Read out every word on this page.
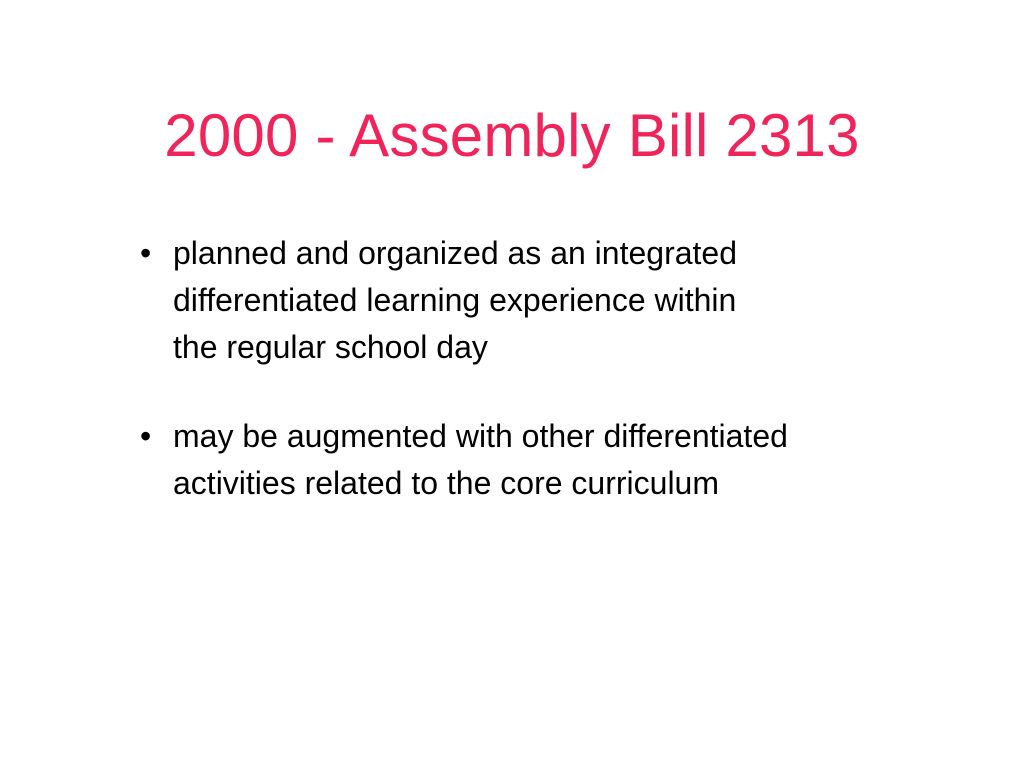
2000 - Assembly Bill 2313
• planned and organized as an integrated
differentiated learning experience within
the regular school day
• may be augmented with other differentiated
activities related to the core curriculum
